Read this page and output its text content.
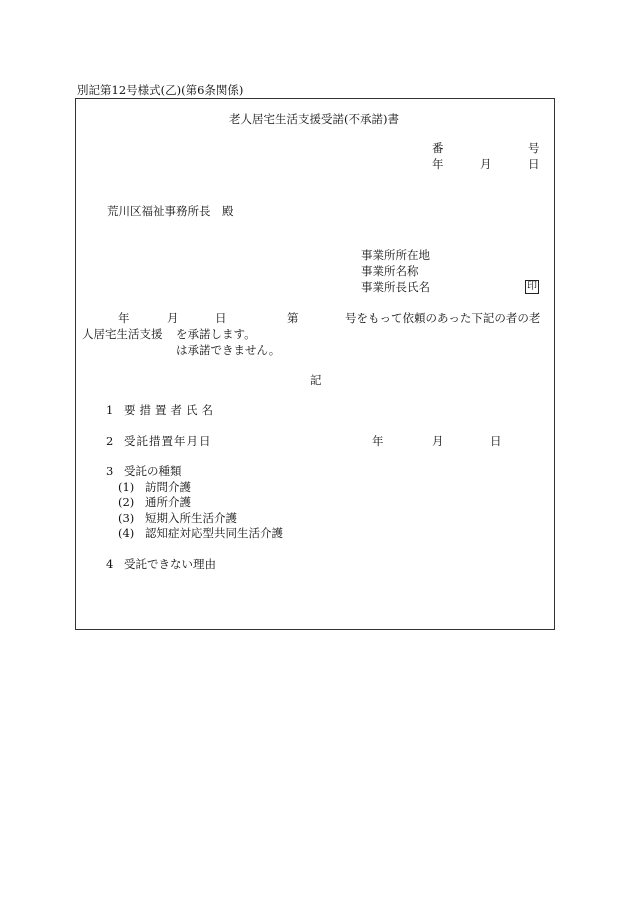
別記第12号様式(乙)(第6条関係)
老人居宅生活支援受諾(不承諾)書
番	号
年	月	日
荒川区福祉事務所長　殿
事業所所在地
事業所名称
事業所長氏名	印
年	月	日	第	号をもって依頼のあった下記の者の老
人居宅生活支援 を承諾します。
は承諾できません。
記
1 要措置者氏名
2 受託措置年月日	年	月	日
3 受託の種類
(1) 訪問介護
(2) 通所介護
(3) 短期入所生活介護
(4) 認知症対応型共同生活介護
4 受託できない理由
